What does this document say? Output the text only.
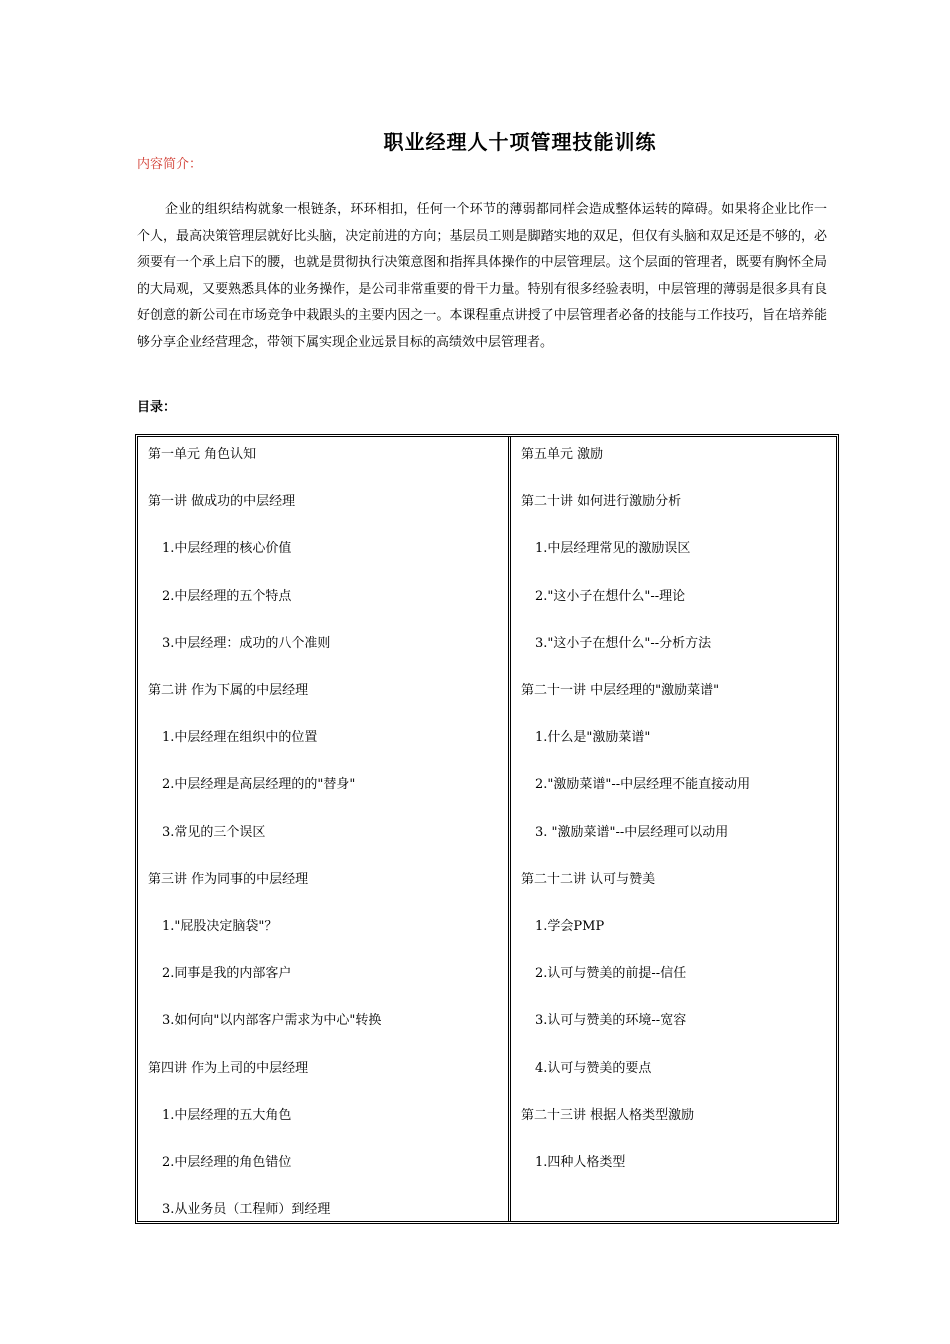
职业经理人十项管理技能训练
内容简介：

企业的组织结构就象一根链条，环环相扣，任何一个环节的薄弱都同样会造成整体运转的障碍。如果将企业比作一个人，最高决策管理层就好比头脑，决定前进的方向；基层员工则是脚踏实地的双足，但仅有头脑和双足还是不够的，必须要有一个承上启下的腰，也就是贯彻执行决策意图和指挥具体操作的中层管理层。这个层面的管理者，既要有胸怀全局的大局观，又要熟悉具体的业务操作，是公司非常重要的骨干力量。特别有很多经验表明，中层管理的薄弱是很多具有良好创意的新公司在市场竞争中栽跟头的主要内因之一。本课程重点讲授了中层管理者必备的技能与工作技巧，旨在培养能够分享企业经营理念，带领下属实现企业远景目标的高绩效中层管理者。

目录：
第一单元 角色认知
第一讲 做成功的中层经理
1.中层经理的核心价值
2.中层经理的五个特点
3.中层经理：成功的八个准则
第二讲 作为下属的中层经理
1.中层经理在组织中的位置
2.中层经理是高层经理的的"替身"
3.常见的三个误区
第三讲 作为同事的中层经理
1."屁股决定脑袋"？
2.同事是我的内部客户
3.如何向"以内部客户需求为中心"转换
第四讲 作为上司的中层经理
1.中层经理的五大角色
2.中层经理的角色错位
3.从业务员（工程师）到经理
第五单元 激励
第二十讲 如何进行激励分析
1.中层经理常见的激励误区
2."这小子在想什么"--理论
3."这小子在想什么"--分析方法
第二十一讲 中层经理的"激励菜谱"
1.什么是"激励菜谱"
2."激励菜谱"--中层经理不能直接动用
3. "激励菜谱"--中层经理可以动用
第二十二讲 认可与赞美
1.学会PMP
2.认可与赞美的前提--信任
3.认可与赞美的环境--宽容
4.认可与赞美的要点
第二十三讲 根据人格类型激励
1.四种人格类型
